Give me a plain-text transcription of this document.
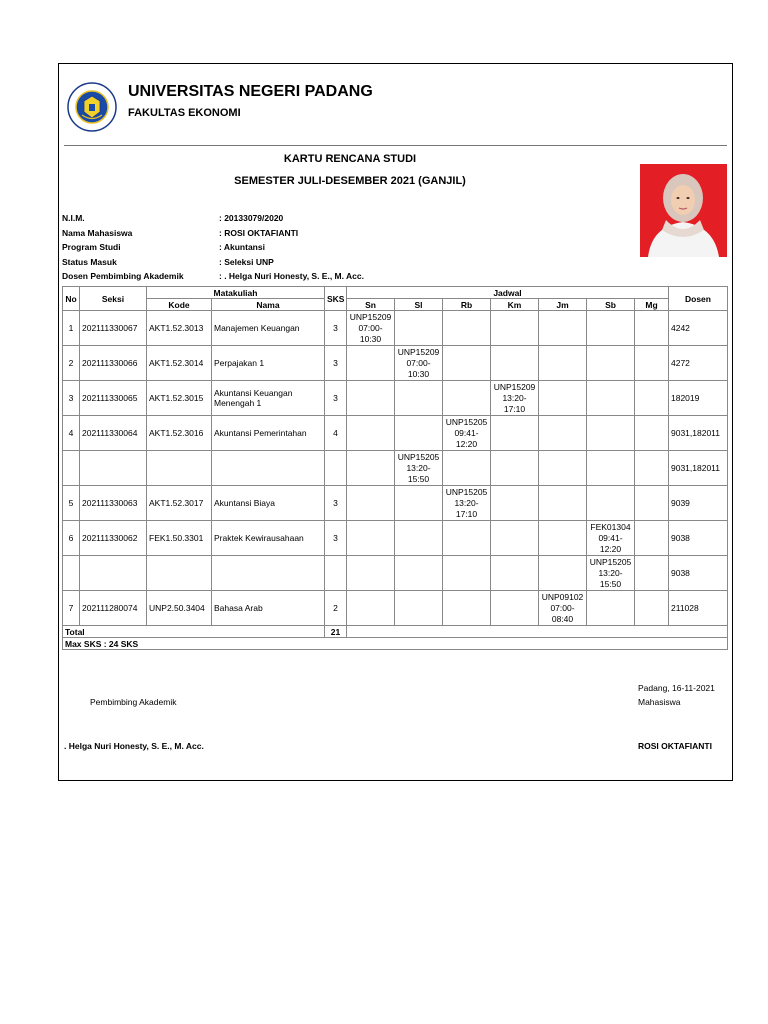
UNIVERSITAS NEGERI PADANG
FAKULTAS EKONOMI
KARTU RENCANA STUDI
SEMESTER JULI-DESEMBER 2021 (GANJIL)
N.I.M.	: 20133079/2020
Nama Mahasiswa	: ROSI OKTAFIANTI
Program Studi	: Akuntansi
Status Masuk	: Seleksi UNP
Dosen Pembimbing Akademik	: . Helga Nuri Honesty, S. E., M. Acc.
No	Seksi	Matakuliah		SKS	Jadwal							Dosen
		Kode	Nama		Sn	Sl	Rb	Km	Jm	Sb	Mg	
1	202111330067	AKT1.52.3013	Manajemen Keuangan	3	UNP15209 07:00-10:30							4242
2	202111330066	AKT1.52.3014	Perpajakan 1	3		UNP15209 07:00-10:30						4272
3	202111330065	AKT1.52.3015	Akuntansi Keuangan Menengah 1	3				UNP15209 13:20-17:10				182019
4	202111330064	AKT1.52.3016	Akuntansi Pemerintahan	4			UNP15205 09:41-12:20					9031,182011
						UNP15205 13:20-15:50						9031,182011
5	202111330063	AKT1.52.3017	Akuntansi Biaya	3			UNP15205 13:20-17:10					9039
6	202111330062	FEK1.50.3301	Praktek Kewirausahaan	3						FEK01304 09:41-12:20		9038
										UNP15205 13:20-15:50		9038
7	202111280074	UNP2.50.3404	Bahasa Arab	2					UNP09102 07:00-08:40			211028
Total				21								
Max SKS : 24 SKS												
Padang, 16-11-2021
Pembimbing Akademik	Mahasiswa
. Helga Nuri Honesty, S. E., M. Acc.	ROSI OKTAFIANTI
